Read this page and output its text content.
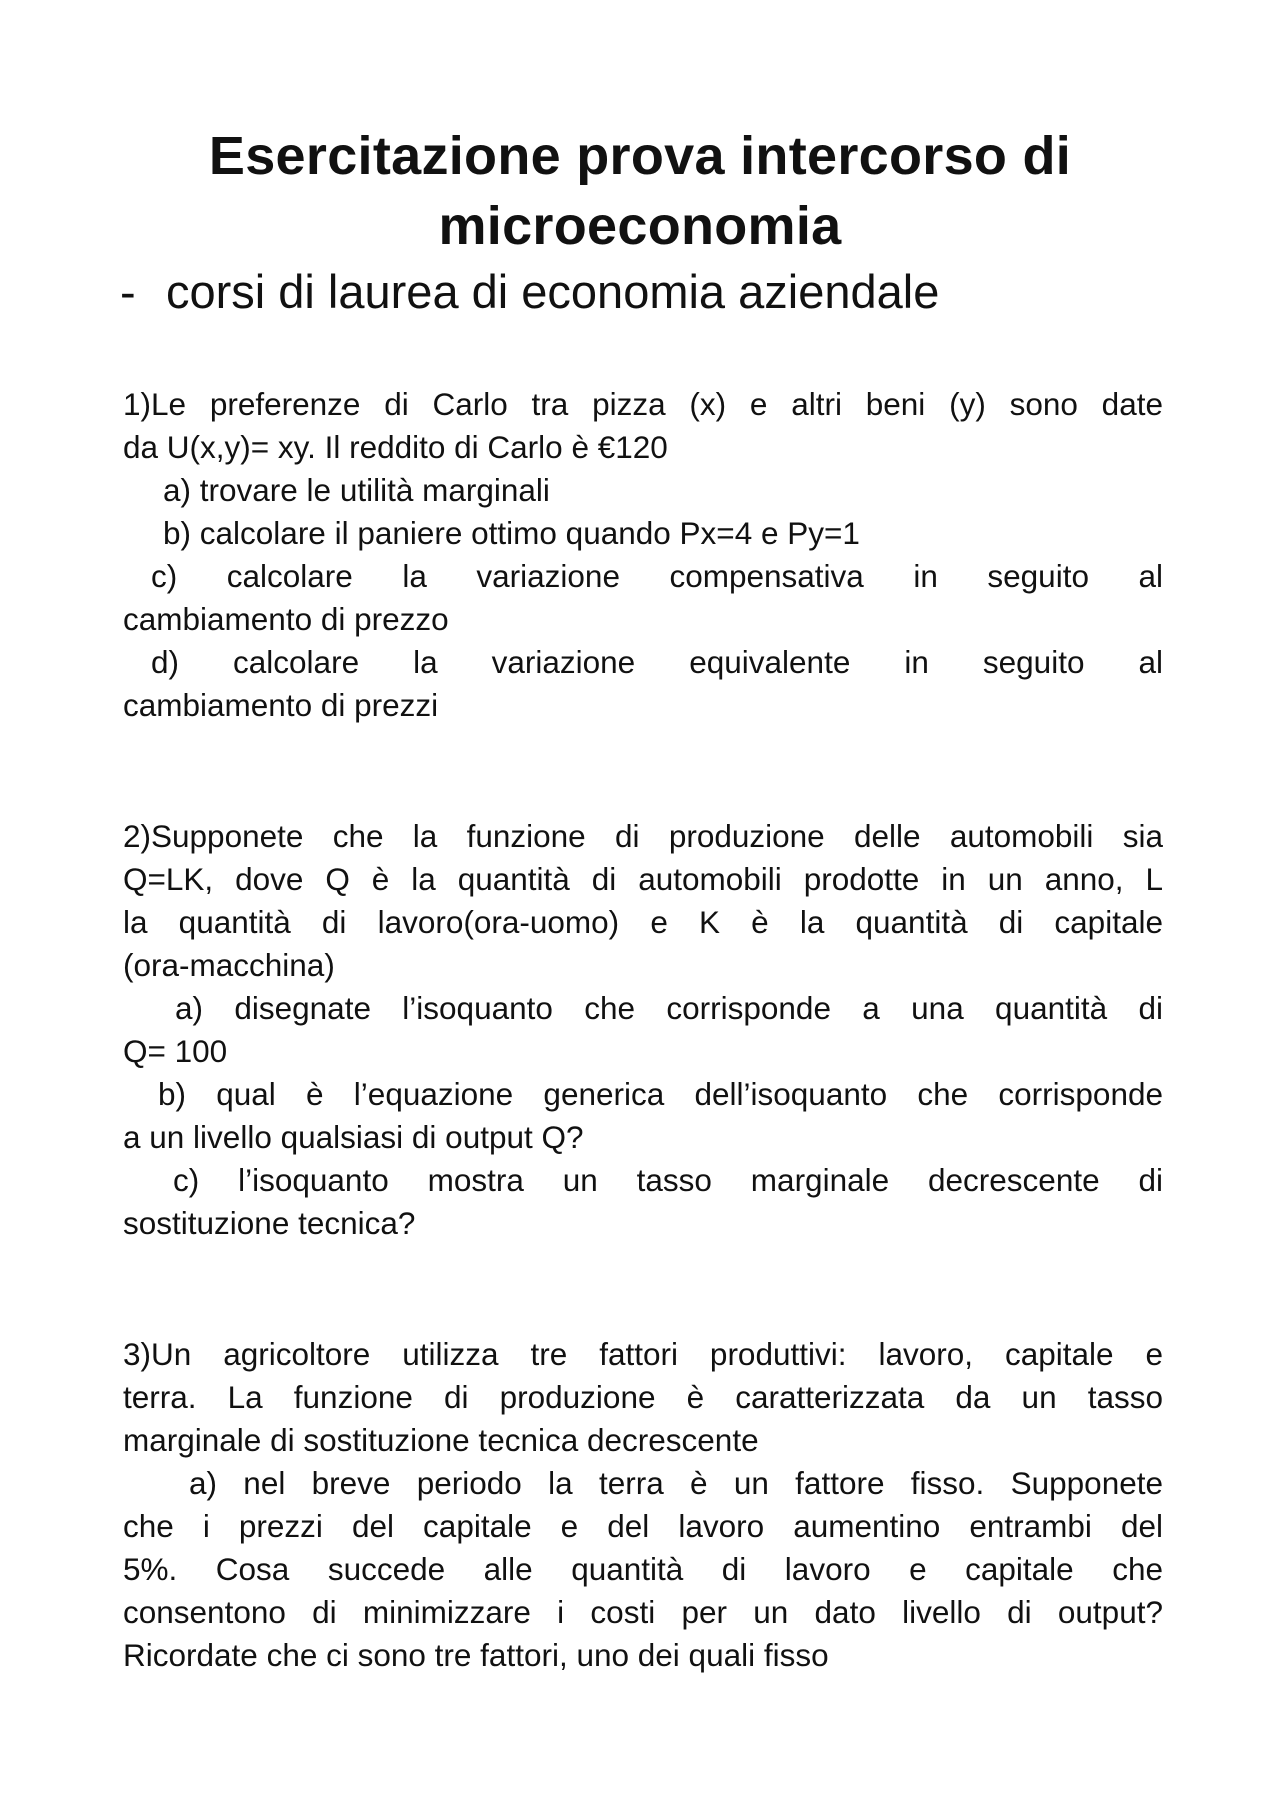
Esercitazione prova intercorso di
microeconomia
- corsi di laurea di economia aziendale
1)Le preferenze di Carlo tra pizza (x) e altri beni (y) sono date
da U(x,y)= xy. Il reddito di Carlo è €120
a) trovare le utilità marginali
b) calcolare il paniere ottimo quando Px=4 e Py=1
c) calcolare la variazione compensativa in seguito al
cambiamento di prezzo
d) calcolare la variazione equivalente in seguito al
cambiamento di prezzi
2)Supponete che la funzione di produzione delle automobili sia
Q=LK, dove Q è la quantità di automobili prodotte in un anno, L
la quantità di lavoro(ora-uomo) e K è la quantità di capitale
(ora-macchina)
a) disegnate l’isoquanto che corrisponde a una quantità di
Q= 100
b) qual è l’equazione generica dell’isoquanto che corrisponde
a un livello qualsiasi di output Q?
c) l’isoquanto mostra un tasso marginale decrescente di
sostituzione tecnica?
3)Un agricoltore utilizza tre fattori produttivi: lavoro, capitale e
terra. La funzione di produzione è caratterizzata da un tasso
marginale di sostituzione tecnica decrescente
a) nel breve periodo la terra è un fattore fisso. Supponete
che i prezzi del capitale e del lavoro aumentino entrambi del
5%. Cosa succede alle quantità di lavoro e capitale che
consentono di minimizzare i costi per un dato livello di output?
Ricordate che ci sono tre fattori, uno dei quali fisso
